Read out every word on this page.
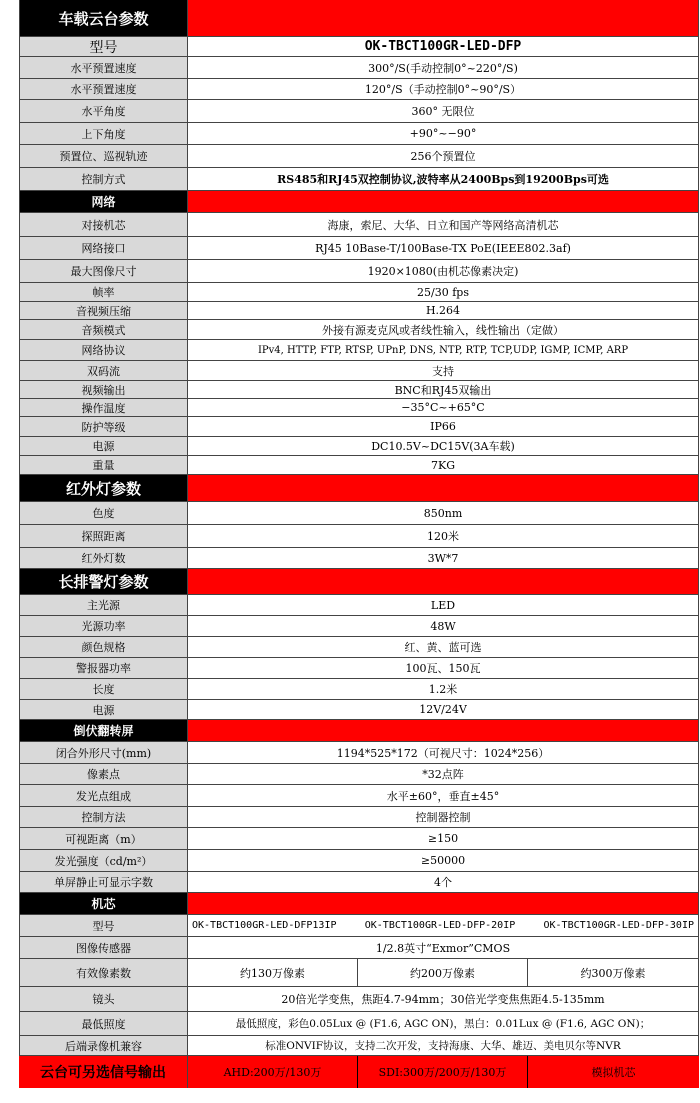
车载云台参数
型号	OK-TBCT100GR-LED-DFP
水平预置速度	300°/S(手动控制0°~220°/S)
水平预置速度	120°/S（手动控制0°~90°/S）
水平角度	360° 无限位
上下角度	+90°~−90°
预置位、巡视轨迹	256个预置位
控制方式	RS485和RJ45双控制协议,波特率从2400Bps到19200Bps可选
网络
对接机芯	海康，索尼、大华、日立和国产等网络高清机芯
网络接口	RJ45 10Base-T/100Base-TX PoE(IEEE802.3af)
最大图像尺寸	1920×1080(由机芯像素决定)
帧率	25/30 fps
音视频压缩	H.264
音频模式	外接有源麦克风或者线性输入，线性输出（定做）
网络协议	IPv4, HTTP, FTP, RTSP, UPnP, DNS, NTP, RTP, TCP,UDP, IGMP, ICMP, ARP
双码流	支持
视频输出	BNC和RJ45双输出
操作温度	−35°C~+65°C
防护等级	IP66
电源	DC10.5V~DC15V(3A车载)
重量	7KG
红外灯参数
色度	850nm
探照距离	120米
红外灯数	3W*7
长排警灯参数
主光源	LED
光源功率	48W
颜色规格	红、黄、蓝可选
警报器功率	100瓦、150瓦
长度	1.2米
电源	12V/24V
倒伏翻转屏
闭合外形尺寸(mm)	1194*525*172（可视尺寸：1024*256）
像素点	*32点阵
发光点组成	水平±60°，垂直±45°
控制方法	控制器控制
可视距离（m）	≥150
发光强度（cd/m²）	≥50000
单屏静止可显示字数	4个
机芯
型号	OK-TBCT100GR-LED-DFP13IP	OK-TBCT100GR-LED-DFP-20IP	OK-TBCT100GR-LED-DFP-30IP
图像传感器	1/2.8英寸“Exmor”CMOS
有效像素数	约130万像素	约200万像素	约300万像素
镜头	20倍光学变焦，焦距4.7-94mm；30倍光学变焦焦距4.5-135mm
最低照度	最低照度，彩色0.05Lux @ (F1.6, AGC ON)，黑白：0.01Lux @ (F1.6, AGC ON)；
后端录像机兼容	标准ONVIF协议，支持二次开发，支持海康、大华、雄迈、美电贝尔等NVR
云台可另选信号输出	AHD:200万/130万	SDI:300万/200万/130万	模拟机芯
